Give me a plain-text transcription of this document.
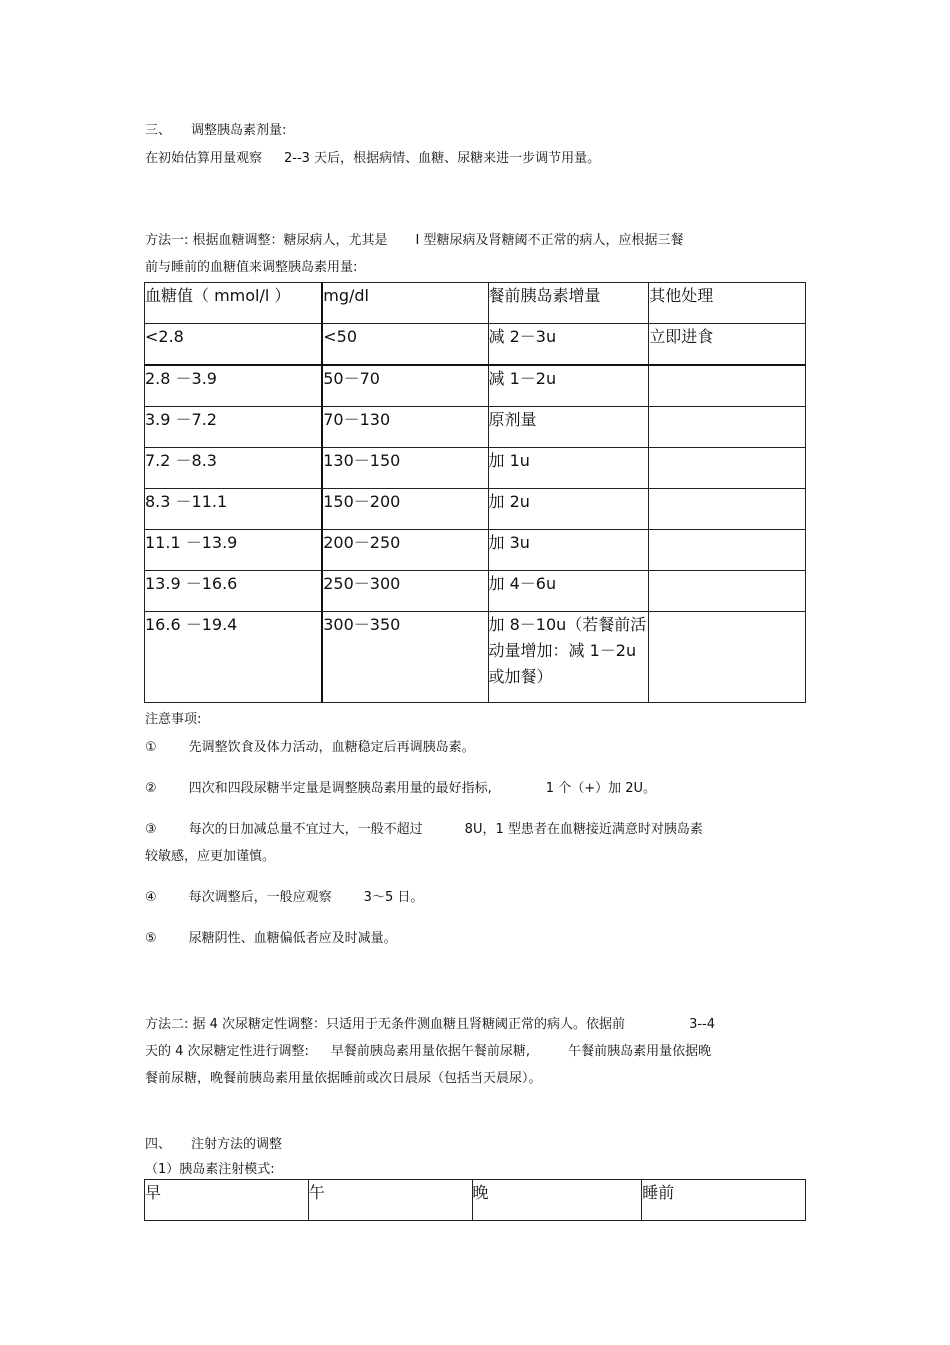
三、 调整胰岛素剂量:
在初始估算用量观察 2--3 天后，根据病情、血糖、尿糖来进一步调节用量。
方法一: 根据血糖调整：糖尿病人，尤其是 I 型糖尿病及肾糖阈不正常的病人，应根据三餐
前与睡前的血糖值来调整胰岛素用量:
血糖值（ mmol/l ）	mg/dl	餐前胰岛素增量	其他处理
<2.8	<50	减 2－3u	立即进食
2.8 －3.9	50－70	减 1－2u	
3.9 －7.2	70－130	原剂量	
7.2 －8.3	130－150	加 1u	
8.3 －11.1	150－200	加 2u	
11.1 －13.9	200－250	加 3u	
13.9 －16.6	250－300	加 4－6u	
16.6 －19.4	300－350	加 8－10u（若餐前活动量增加：减 1－2u 或加餐）	
注意事项:
① 先调整饮食及体力活动，血糖稳定后再调胰岛素。
② 四次和四段尿糖半定量是调整胰岛素用量的最好指标,	1 个（+）加 2U。
③ 每次的日加减总量不宜过大，一般不超过	8U，1 型患者在血糖接近满意时对胰岛素
较敏感，应更加谨慎。
④ 每次调整后，一般应观察 3～5 日。
⑤ 尿糖阴性、血糖偏低者应及时减量。
方法二: 据 4 次尿糖定性调整：只适用于无条件测血糖且肾糖阈正常的病人。依据前	3--4
天的 4 次尿糖定性进行调整: 早餐前胰岛素用量依据午餐前尿糖,	午餐前胰岛素用量依据晚
餐前尿糖，晚餐前胰岛素用量依据睡前或次日晨尿（包括当天晨尿）。
四、 注射方法的调整
（1）胰岛素注射模式:
早	午	晚	睡前
